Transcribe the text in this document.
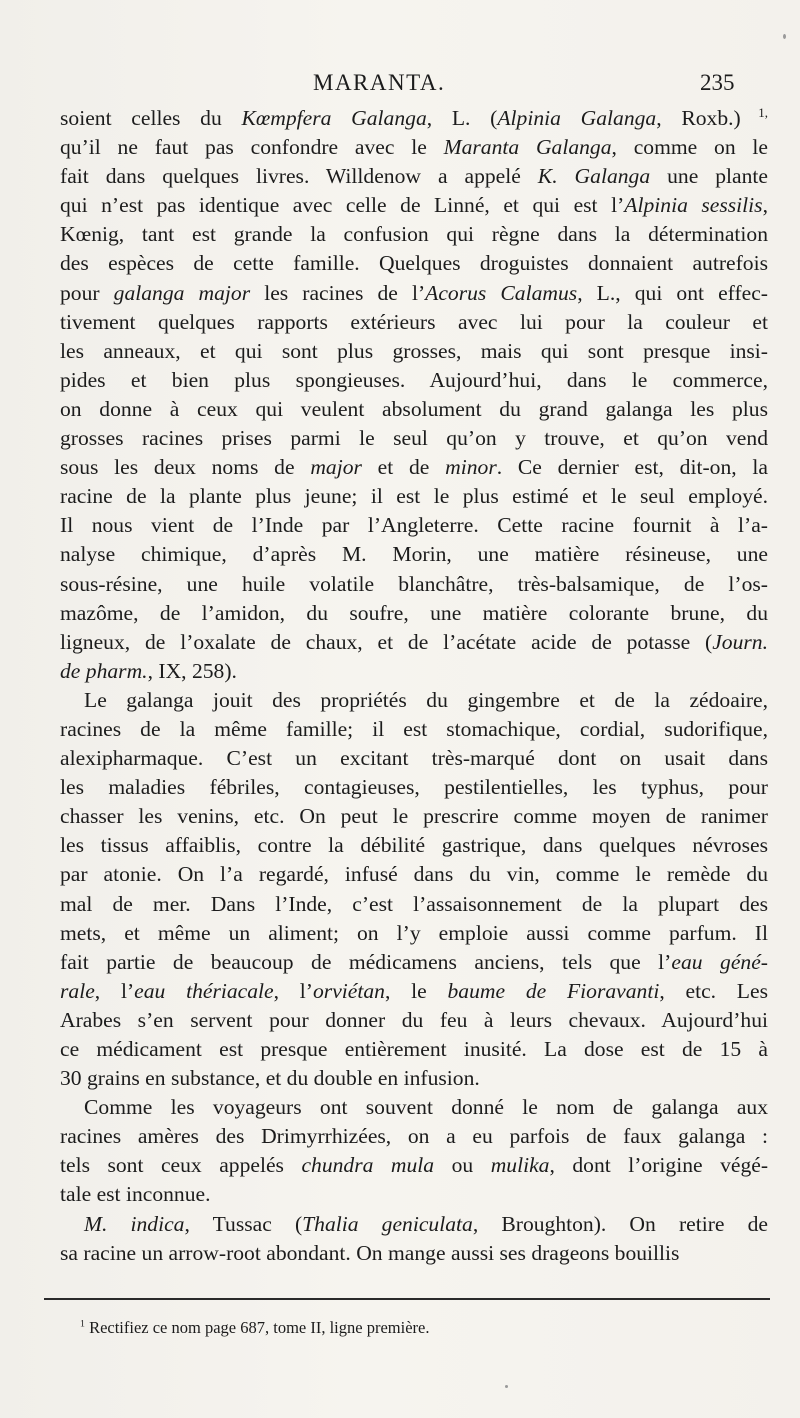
MARANTA.	235
soient celles du Kœmpfera Galanga, L. (Alpinia Galanga, Roxb.) $^{1,}$
qu’il ne faut pas confondre avec le Maranta Galanga, comme on le
fait dans quelques livres. Willdenow a appelé K. Galanga une plante
qui n’est pas identique avec celle de Linné, et qui est l’Alpinia sessilis,
Kœnig, tant est grande la confusion qui règne dans la détermination
des espèces de cette famille. Quelques droguistes donnaient autrefois
pour galanga major les racines de l’Acorus Calamus, L., qui ont effec-
tivement quelques rapports extérieurs avec lui pour la couleur et
les anneaux, et qui sont plus grosses, mais qui sont presque insi-
pides et bien plus spongieuses. Aujourd’hui, dans le commerce,
on donne à ceux qui veulent absolument du grand galanga les plus
grosses racines prises parmi le seul qu’on y trouve, et qu’on vend
sous les deux noms de major et de minor. Ce dernier est, dit-on, la
racine de la plante plus jeune; il est le plus estimé et le seul employé.
Il nous vient de l’Inde par l’Angleterre. Cette racine fournit à l’a-
nalyse chimique, d’après M. Morin, une matière résineuse, une
sous-résine, une huile volatile blanchâtre, très-balsamique, de l’os-
mazôme, de l’amidon, du soufre, une matière colorante brune, du
ligneux, de l’oxalate de chaux, et de l’acétate acide de potasse (Journ.
de pharm., IX, 258).
Le galanga jouit des propriétés du gingembre et de la zédoaire,
racines de la même famille; il est stomachique, cordial, sudorifique,
alexipharmaque. C’est un excitant très-marqué dont on usait dans
les maladies fébriles, contagieuses, pestilentielles, les typhus, pour
chasser les venins, etc. On peut le prescrire comme moyen de ranimer
les tissus affaiblis, contre la débilité gastrique, dans quelques névroses
par atonie. On l’a regardé, infusé dans du vin, comme le remède du
mal de mer. Dans l’Inde, c’est l’assaisonnement de la plupart des
mets, et même un aliment; on l’y emploie aussi comme parfum. Il
fait partie de beaucoup de médicamens anciens, tels que l’eau géné-
rale, l’eau thériacale, l’orviétan, le baume de Fioravanti, etc. Les
Arabes s’en servent pour donner du feu à leurs chevaux. Aujourd’hui
ce médicament est presque entièrement inusité. La dose est de 15 à
30 grains en substance, et du double en infusion.
Comme les voyageurs ont souvent donné le nom de galanga aux
racines amères des Drimyrrhizées, on a eu parfois de faux galanga :
tels sont ceux appelés chundra mula ou mulika, dont l’origine végé-
tale est inconnue.
M. indica, Tussac (Thalia geniculata, Broughton). On retire de
sa racine un arrow-root abondant. On mange aussi ses drageons bouillis
$^1$ Rectifiez ce nom page 687, tome II, ligne première.
